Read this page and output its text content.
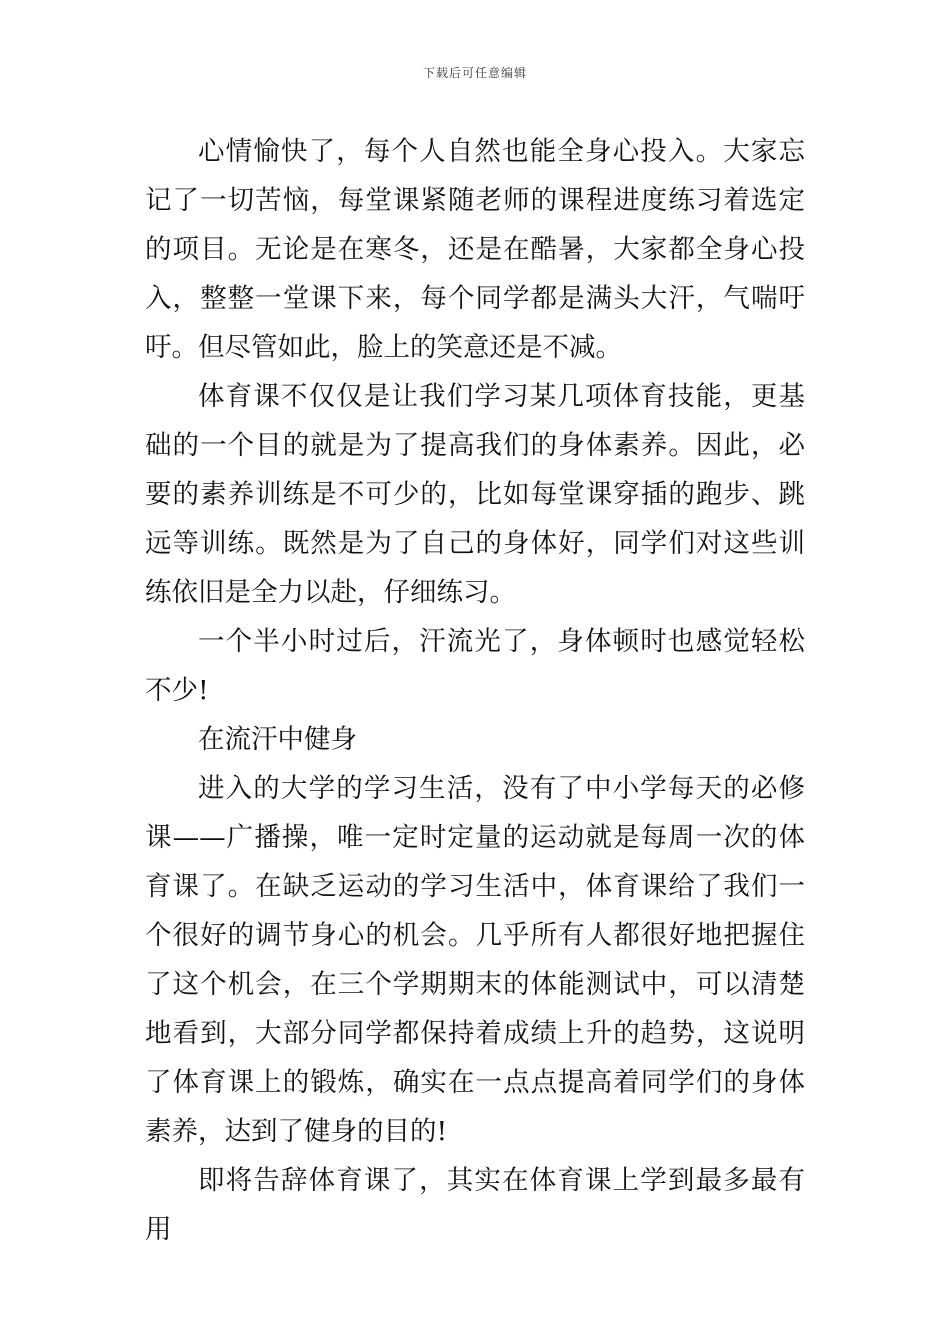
下载后可任意编辑

心情愉快了，每个人自然也能全身心投入。大家忘记了一切苦恼，每堂课紧随老师的课程进度练习着选定的项目。无论是在寒冬，还是在酷暑，大家都全身心投入，整整一堂课下来，每个同学都是满头大汗，气喘吁吁。但尽管如此，脸上的笑意还是不减。

体育课不仅仅是让我们学习某几项体育技能，更基础的一个目的就是为了提高我们的身体素养。因此，必要的素养训练是不可少的，比如每堂课穿插的跑步、跳远等训练。既然是为了自己的身体好，同学们对这些训练依旧是全力以赴，仔细练习。

一个半小时过后，汗流光了，身体顿时也感觉轻松不少!

在流汗中健身

进入的大学的学习生活，没有了中小学每天的必修课——广播操，唯一定时定量的运动就是每周一次的体育课了。在缺乏运动的学习生活中，体育课给了我们一个很好的调节身心的机会。几乎所有人都很好地把握住了这个机会，在三个学期期末的体能测试中，可以清楚地看到，大部分同学都保持着成绩上升的趋势，这说明了体育课上的锻炼，确实在一点点提高着同学们的身体素养，达到了健身的目的!

即将告辞体育课了，其实在体育课上学到最多最有用
